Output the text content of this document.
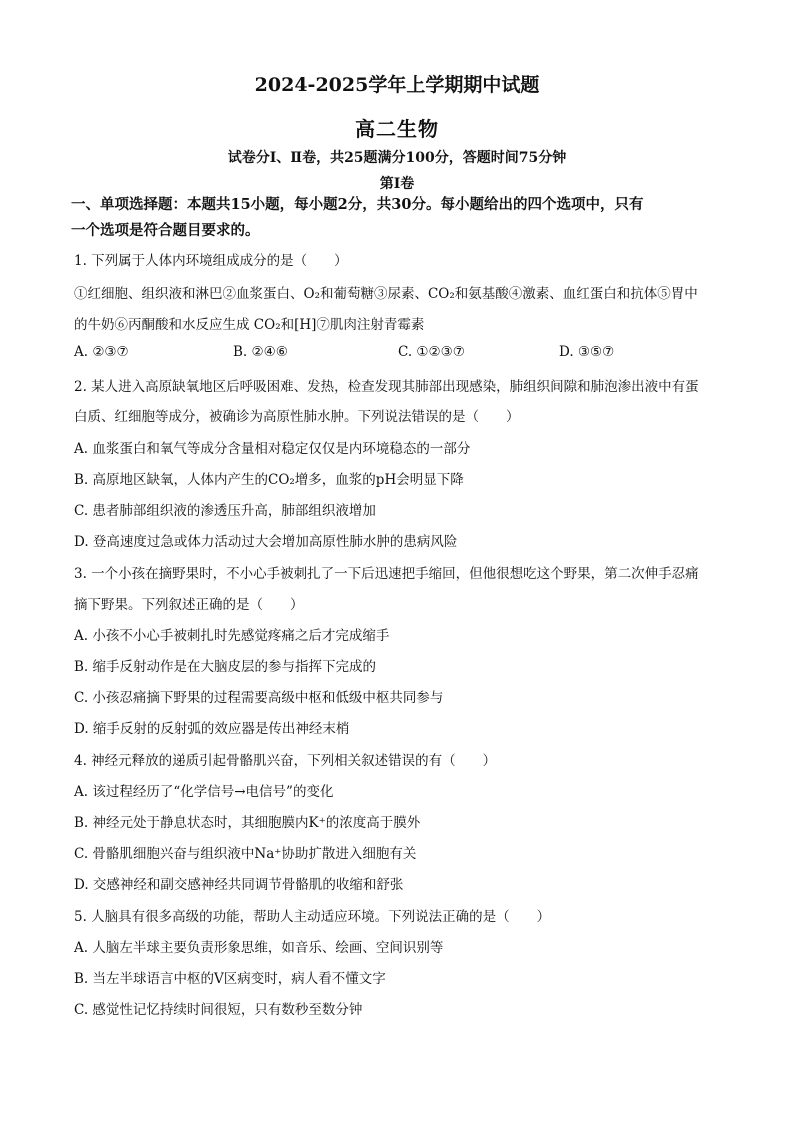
2024-2025学年上学期期中试题
高二生物
试卷分Ⅰ、Ⅱ卷，共25题满分100分，答题时间75分钟
第Ⅰ卷
一、单项选择题：本题共15小题，每小题2分，共30分。每小题给出的四个选项中，只有
一个选项是符合题目要求的。
1. 下列属于人体内环境组成成分的是（　　）
①红细胞、组织液和淋巴②血浆蛋白、O₂和葡萄糖③尿素、CO₂和氨基酸④激素、血红蛋白和抗体⑤胃中
的牛奶⑥丙酮酸和水反应生成 CO₂和[H]⑦肌肉注射青霉素
A. ②③⑦	B. ②④⑥	C. ①②③⑦	D. ③⑤⑦
2. 某人进入高原缺氧地区后呼吸困难、发热，检查发现其肺部出现感染，肺组织间隙和肺泡渗出液中有蛋
白质、红细胞等成分，被确诊为高原性肺水肿。下列说法错误的是（　　）
A. 血浆蛋白和氧气等成分含量相对稳定仅仅是内环境稳态的一部分
B. 高原地区缺氧，人体内产生的CO₂增多，血浆的pH会明显下降
C. 患者肺部组织液的渗透压升高，肺部组织液增加
D. 登高速度过急或体力活动过大会增加高原性肺水肿的患病风险
3. 一个小孩在摘野果时，不小心手被刺扎了一下后迅速把手缩回，但他很想吃这个野果，第二次伸手忍痛
摘下野果。下列叙述正确的是（　　）
A. 小孩不小心手被刺扎时先感觉疼痛之后才完成缩手
B. 缩手反射动作是在大脑皮层的参与指挥下完成的
C. 小孩忍痛摘下野果的过程需要高级中枢和低级中枢共同参与
D. 缩手反射的反射弧的效应器是传出神经末梢
4. 神经元释放的递质引起骨骼肌兴奋，下列相关叙述错误的有（　　）
A. 该过程经历了“化学信号→电信号”的变化
B. 神经元处于静息状态时，其细胞膜内K⁺的浓度高于膜外
C. 骨骼肌细胞兴奋与组织液中Na⁺协助扩散进入细胞有关
D. 交感神经和副交感神经共同调节骨骼肌的收缩和舒张
5. 人脑具有很多高级的功能，帮助人主动适应环境。下列说法正确的是（　　）
A. 人脑左半球主要负责形象思维，如音乐、绘画、空间识别等
B. 当左半球语言中枢的V区病变时，病人看不懂文字
C. 感觉性记忆持续时间很短，只有数秒至数分钟
